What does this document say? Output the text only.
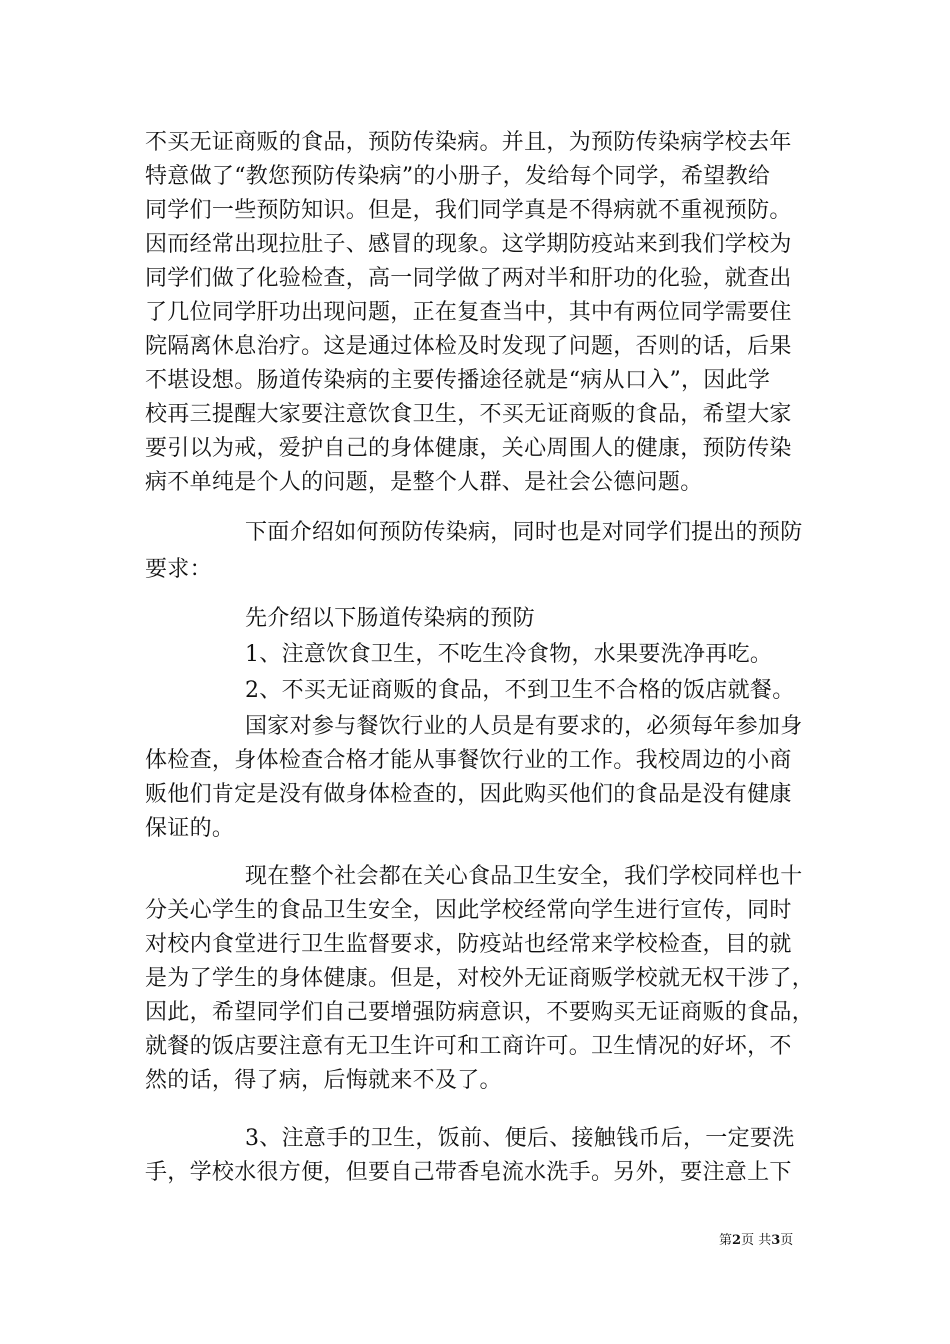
不买无证商贩的食品，预防传染病。并且，为预防传染病学校去年
特意做了“教您预防传染病”的小册子，发给每个同学，希望教给
同学们一些预防知识。但是，我们同学真是不得病就不重视预防。
因而经常出现拉肚子、感冒的现象。这学期防疫站来到我们学校为
同学们做了化验检查，高一同学做了两对半和肝功的化验，就查出
了几位同学肝功出现问题，正在复查当中，其中有两位同学需要住
院隔离休息治疗。这是通过体检及时发现了问题，否则的话，后果
不堪设想。肠道传染病的主要传播途径就是“病从口入”，因此学
校再三提醒大家要注意饮食卫生，不买无证商贩的食品，希望大家
要引以为戒，爱护自己的身体健康，关心周围人的健康，预防传染
病不单纯是个人的问题，是整个人群、是社会公德问题。
下面介绍如何预防传染病，同时也是对同学们提出的预防
要求：
先介绍以下肠道传染病的预防
1、注意饮食卫生，不吃生冷食物，水果要洗净再吃。
2、不买无证商贩的食品，不到卫生不合格的饭店就餐。
国家对参与餐饮行业的人员是有要求的，必须每年参加身
体检查，身体检查合格才能从事餐饮行业的工作。我校周边的小商
贩他们肯定是没有做身体检查的，因此购买他们的食品是没有健康
保证的。
现在整个社会都在关心食品卫生安全，我们学校同样也十
分关心学生的食品卫生安全，因此学校经常向学生进行宣传，同时
对校内食堂进行卫生监督要求，防疫站也经常来学校检查，目的就
是为了学生的身体健康。但是，对校外无证商贩学校就无权干涉了，
因此，希望同学们自己要增强防病意识，不要购买无证商贩的食品，
就餐的饭店要注意有无卫生许可和工商许可。卫生情况的好坏，不
然的话，得了病，后悔就来不及了。
3、注意手的卫生，饭前、便后、接触钱币后，一定要洗
手，学校水很方便，但要自己带香皂流水洗手。另外，要注意上下
第2页 共3页
